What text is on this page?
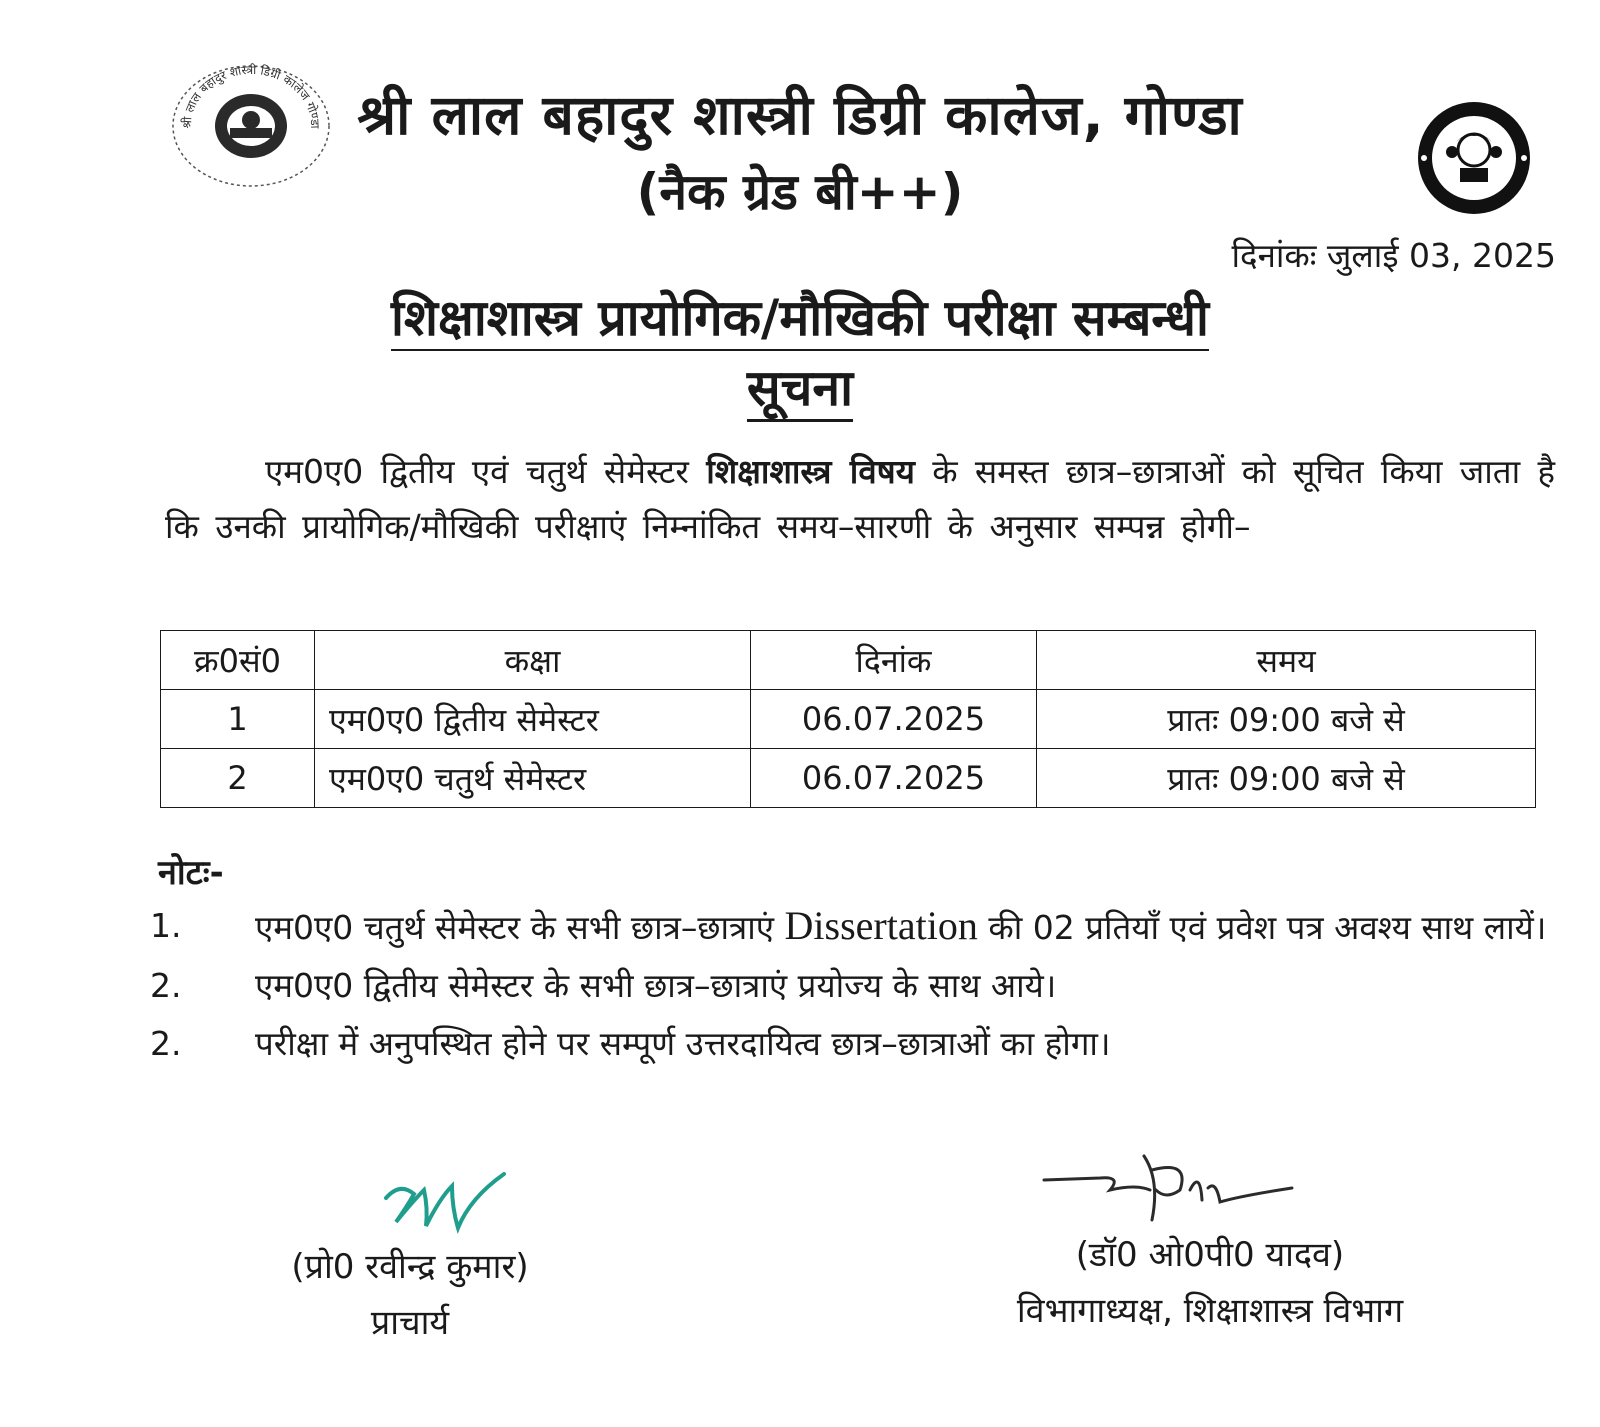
श्री लाल बहादुर शास्त्री डिग्री कालेज गोण्डा श्री लाल बहादुर शास्त्री डिग्री कालेज, गोण्डा
(नैक ग्रेड बी++)
दिनांकः जुलाई 03, 2025
शिक्षाशास्त्र प्रायोगिक/मौखिकी परीक्षा सम्बन्धी
सूचना
एम0ए0 द्वितीय एवं चतुर्थ सेमेस्टर शिक्षाशास्त्र विषय के समस्त छात्र–छात्राओं को सूचित किया जाता है कि उनकी प्रायोगिक/मौखिकी परीक्षाएं निम्नांकित समय–सारणी के अनुसार सम्पन्न होगी–
क्र0सं0	कक्षा	दिनांक	समय
1	एम0ए0 द्वितीय सेमेस्टर	06.07.2025	प्रातः 09:00 बजे से
2	एम0ए0 चतुर्थ सेमेस्टर	06.07.2025	प्रातः 09:00 बजे से
नोटः-
1. एम0ए0 चतुर्थ सेमेस्टर के सभी छात्र–छात्राएं Dissertation की 02 प्रतियाँ एवं प्रवेश पत्र अवश्य साथ लायें।
2. एम0ए0 द्वितीय सेमेस्टर के सभी छात्र–छात्राएं प्रयोज्य के साथ आये।
2. परीक्षा में अनुपस्थित होने पर सम्पूर्ण उत्तरदायित्व छात्र–छात्राओं का होगा।
(प्रो0 रवीन्द्र कुमार)
प्राचार्य
(डॉ0 ओ0पी0 यादव)
विभागाध्यक्ष, शिक्षाशास्त्र विभाग
